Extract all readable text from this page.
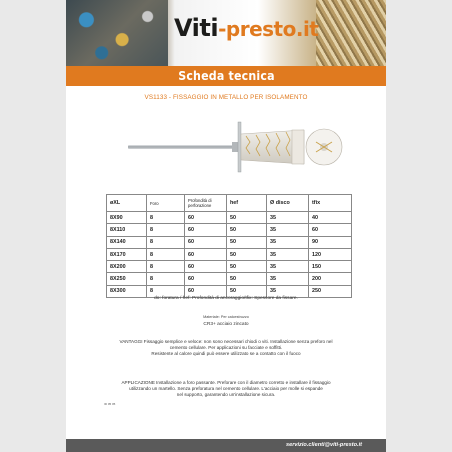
Viti - presto.it
Scheda tecnica
VS1133 - FISSAGGIO IN METALLO PER ISOLAMENTO
øXL	Foro	Profondità di perforazione	hef	Ø disco	tfix
8X90	8	60	50	35	40
8X110	8	60	50	35	60
8X140	8	60	50	35	90
8X170	8	60	50	35	120
8X200	8	60	50	35	150
8X250	8	60	50	35	200
8X300	8	60	50	35	250
do: foratura / hef: Profondità di ancoraggio/tfix: Spessore da fissare.
Materiale: Per calcestruzzo
CR3+ acciaio zincato
VANTAGGI Fissaggio semplice e veloce: non sono necessari chiodi o viti. Installazione senza preforo nel
cemento cellulare. Per applicazioni su facciate e soffitti.
Resistente al calore quindi può essere utilizzato se a contatto con il fuoco
APPLICAZIONE Installazione a foro passante. Preforare con il diametro corretto e installare il fissaggio
utilizzando un martello. Senza preforatura nel cemento cellulare. L'acciaio per molle si espande
nel supporto, garantendo un'installazione sicura.
ID 05 05
servizio.clienti@viti-presto.it
